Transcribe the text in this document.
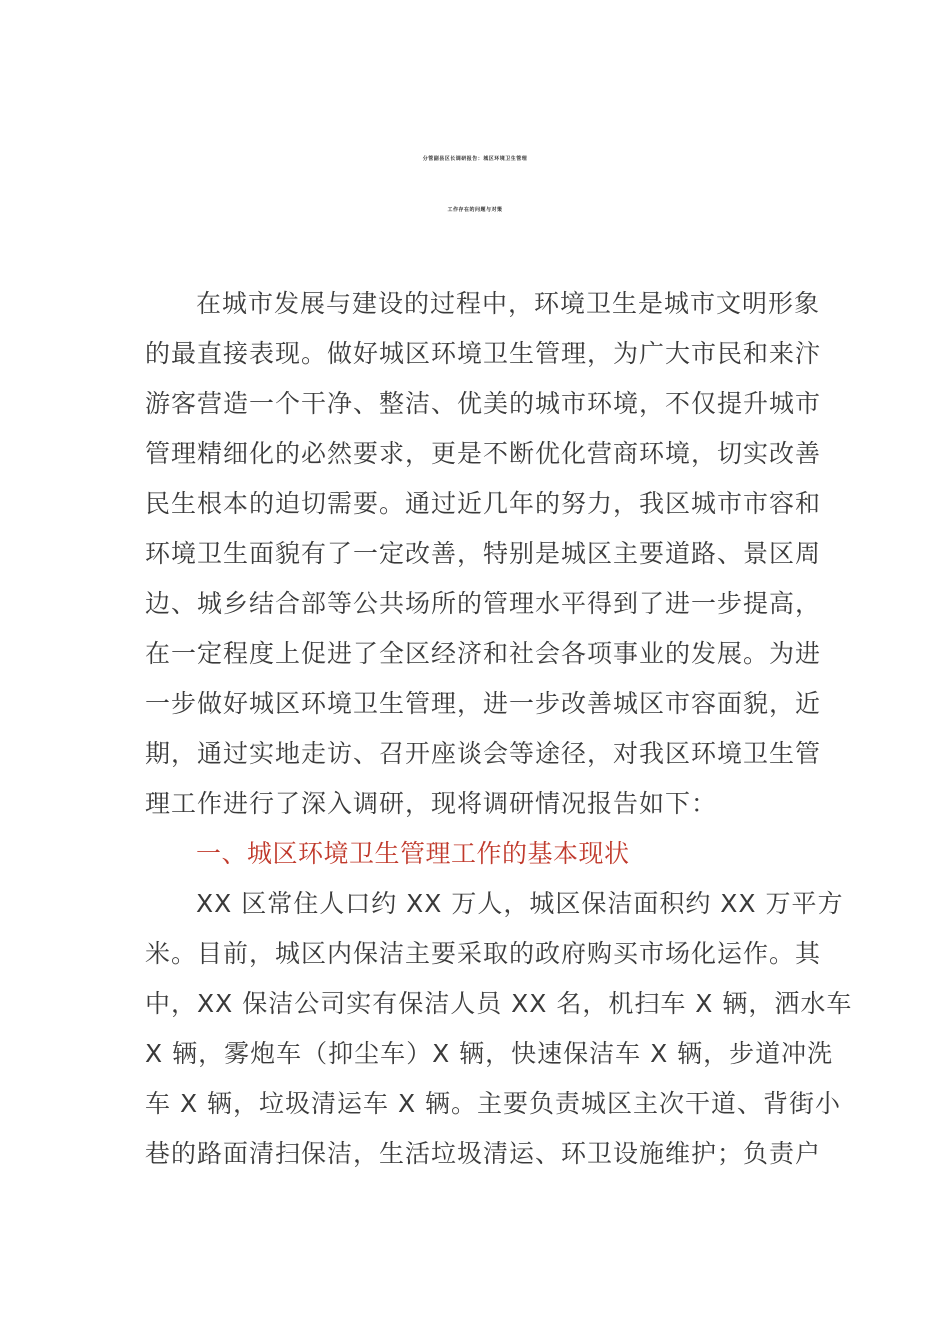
分管副县区长调研报告：城区环境卫生管理
工作存在的问题与对策

在城市发展与建设的过程中，环境卫生是城市文明形象

的最直接表现。做好城区环境卫生管理，为广大市民和来汴

游客营造一个干净、整洁、优美的城市环境，不仅提升城市

管理精细化的必然要求，更是不断优化营商环境，切实改善

民生根本的迫切需要。通过近几年的努力，我区城市市容和

环境卫生面貌有了一定改善，特别是城区主要道路、景区周

边、城乡结合部等公共场所的管理水平得到了进一步提高，

在一定程度上促进了全区经济和社会各项事业的发展。为进

一步做好城区环境卫生管理，进一步改善城区市容面貌，近

期，通过实地走访、召开座谈会等途径，对我区环境卫生管

理工作进行了深入调研，现将调研情况报告如下：

一、城区环境卫生管理工作的基本现状

XX 区常住人口约 XX 万人，城区保洁面积约 XX 万平方

米。目前，城区内保洁主要采取的政府购买市场化运作。其

中，XX 保洁公司实有保洁人员 XX 名，机扫车 X 辆，洒水车

X 辆，雾炮车（抑尘车）X 辆，快速保洁车 X 辆，步道冲洗

车 X 辆，垃圾清运车 X 辆。主要负责城区主次干道、背街小

巷的路面清扫保洁，生活垃圾清运、环卫设施维护；负责户
